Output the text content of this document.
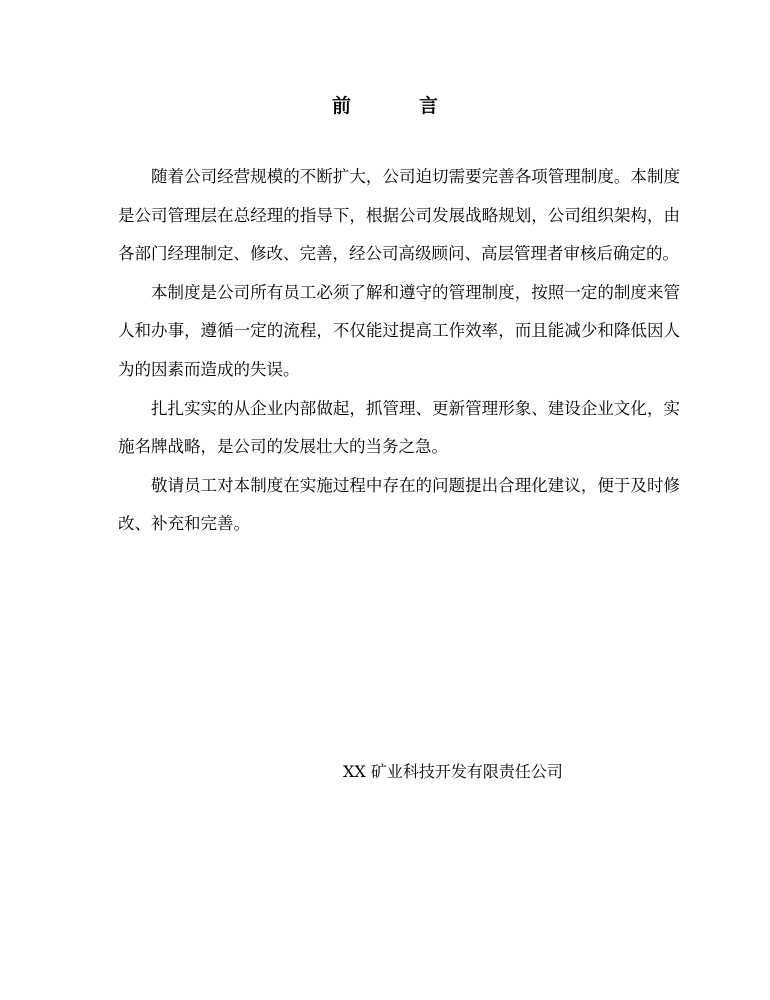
前	言

随着公司经营规模的不断扩大，公司迫切需要完善各项管理制度。本制度是公司管理层在总经理的指导下，根据公司发展战略规划，公司组织架构，由各部门经理制定、修改、完善，经公司高级顾问、高层管理者审核后确定的。

本制度是公司所有员工必须了解和遵守的管理制度，按照一定的制度来管人和办事，遵循一定的流程，不仅能过提高工作效率，而且能减少和降低因人为的因素而造成的失误。

扎扎实实的从企业内部做起，抓管理、更新管理形象、建设企业文化，实施名牌战略，是公司的发展壮大的当务之急。

敬请员工对本制度在实施过程中存在的问题提出合理化建议，便于及时修改、补充和完善。

XX 矿业科技开发有限责任公司
